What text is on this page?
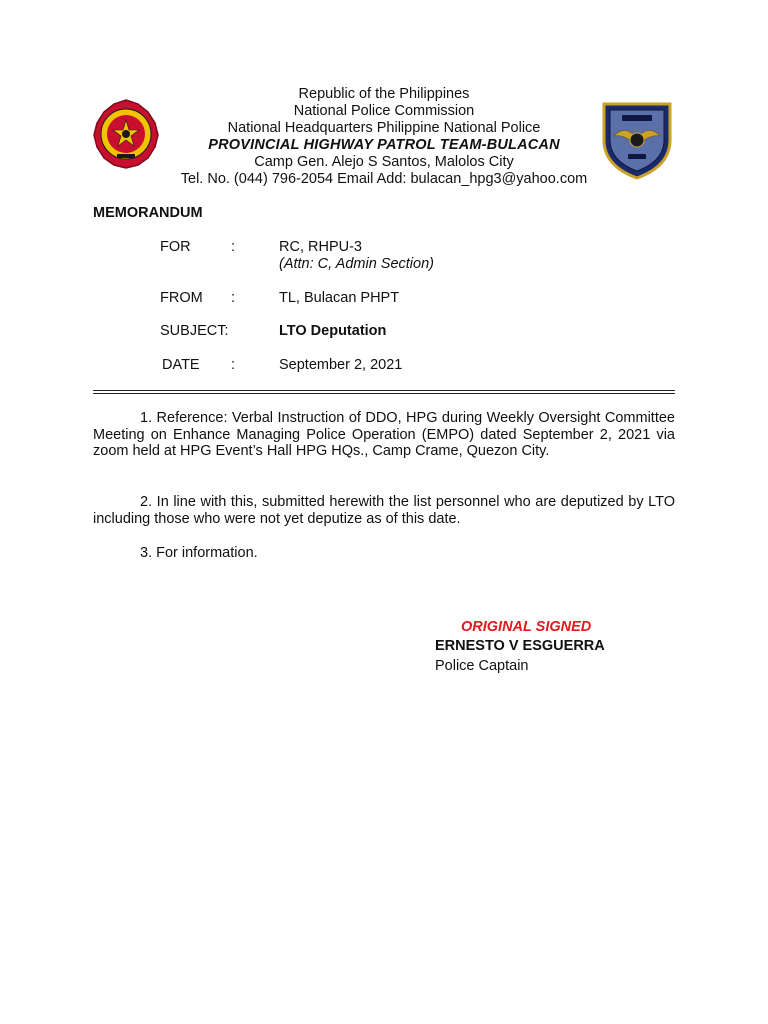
Republic of the Philippines
National Police Commission
National Headquarters Philippine National Police
PROVINCIAL HIGHWAY PATROL TEAM-BULACAN
Camp Gen. Alejo S Santos, Malolos City
Tel. No. (044) 796-2054 Email Add: bulacan_hpg3@yahoo.com
MEMORANDUM
FOR	:	RC, RHPU-3
(Attn: C, Admin Section)
FROM :	TL, Bulacan PHPT
SUBJECT:	LTO Deputation
DATE :	September 2, 2021

1. Reference: Verbal Instruction of DDO, HPG during Weekly Oversight Committee Meeting on Enhance Managing Police Operation (EMPO) dated September 2, 2021 via zoom held at HPG Event’s Hall HPG HQs., Camp Crame, Quezon City.

2. In line with this, submitted herewith the list personnel who are deputized by LTO including those who were not yet deputize as of this date.

3. For information.

ORIGINAL SIGNED
ERNESTO V ESGUERRA
Police Captain
